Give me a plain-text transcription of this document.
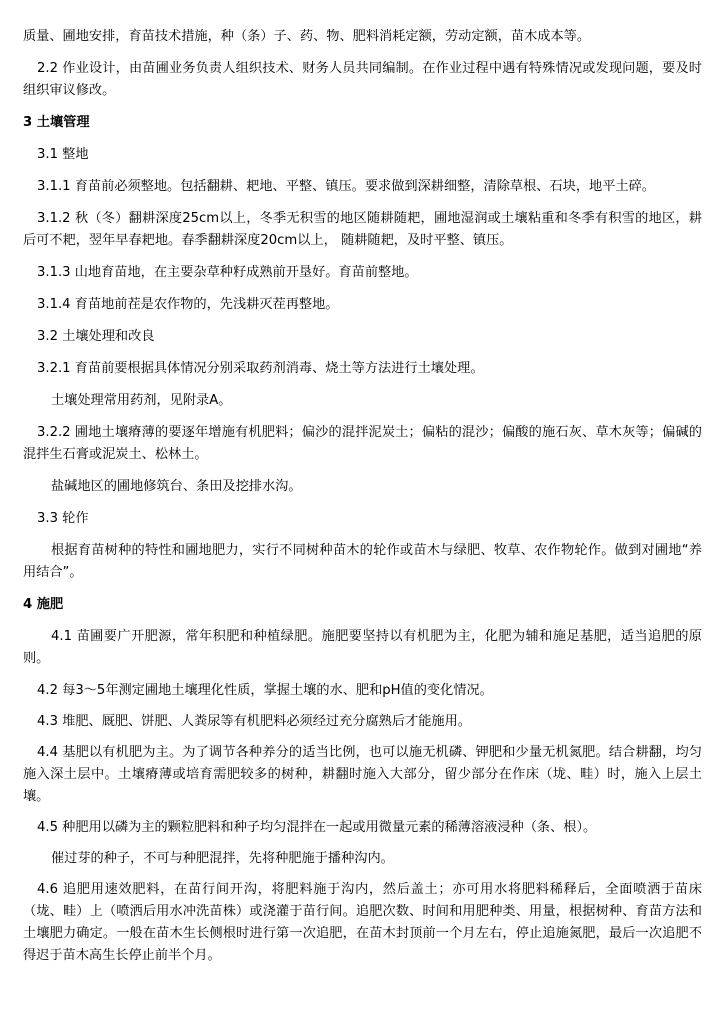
质量、圃地安排，育苗技术措施，种（条）子、药、物、肥料消耗定额，劳动定额，苗木成本等。

2.2 作业设计，由苗圃业务负责人组织技术、财务人员共同编制。在作业过程中遇有特殊情况或发现问题，要及时组织审议修改。

3 土壤管理

3.1 整地

3.1.1 育苗前必须整地。包括翻耕、耙地、平整、镇压。要求做到深耕细整，清除草根、石块，地平土碎。

3.1.2 秋（冬）翻耕深度25cm以上，冬季无积雪的地区随耕随耙，圃地湿润或土壤粘重和冬季有积雪的地区，耕后可不耙，翌年早春耙地。春季翻耕深度20cm以上， 随耕随耙，及时平整、镇压。

3.1.3 山地育苗地，在主要杂草种籽成熟前开垦好。育苗前整地。

3.1.4 育苗地前茬是农作物的，先浅耕灭茬再整地。

3.2 土壤处理和改良

3.2.1 育苗前要根据具体情况分别采取药剂消毒、烧土等方法进行土壤处理。

土壤处理常用药剂，见附录A。

3.2.2 圃地土壤瘠薄的要逐年增施有机肥料；偏沙的混拌泥炭土；偏粘的混沙；偏酸的施石灰、草木灰等；偏碱的混拌生石膏或泥炭土、松林土。

盐碱地区的圃地修筑台、条田及挖排水沟。

3.3 轮作

根据育苗树种的特性和圃地肥力，实行不同树种苗木的轮作或苗木与绿肥、牧草、农作物轮作。做到对圃地“养用结合”。

4 施肥

4.1 苗圃要广开肥源，常年积肥和种植绿肥。施肥要坚持以有机肥为主，化肥为辅和施足基肥，适当追肥的原则。

4.2 每3～5年测定圃地土壤理化性质，掌握土壤的水、肥和pH值的变化情况。

4.3 堆肥、厩肥、饼肥、人粪尿等有机肥料必须经过充分腐熟后才能施用。

4.4 基肥以有机肥为主。为了调节各种养分的适当比例，也可以施无机磷、钾肥和少量无机氮肥。结合耕翻，均匀施入深土层中。土壤瘠薄或培育需肥较多的树种，耕翻时施入大部分，留少部分在作床（垅、畦）时，施入上层土壤。

4.5 种肥用以磷为主的颗粒肥料和种子均匀混拌在一起或用微量元素的稀薄溶液浸种（条、根）。

催过芽的种子，不可与种肥混拌，先将种肥施于播种沟内。

4.6 追肥用速效肥料，在苗行间开沟，将肥料施于沟内，然后盖土；亦可用水将肥料稀释后，全面喷洒于苗床（垅、畦）上（喷洒后用水冲洗苗株）或浇灌于苗行间。追肥次数、时间和用肥种类、用量，根据树种、育苗方法和土壤肥力确定。一般在苗木生长侧根时进行第一次追肥，在苗木封顶前一个月左右，停止追施氮肥，最后一次追肥不得迟于苗木高生长停止前半个月。
